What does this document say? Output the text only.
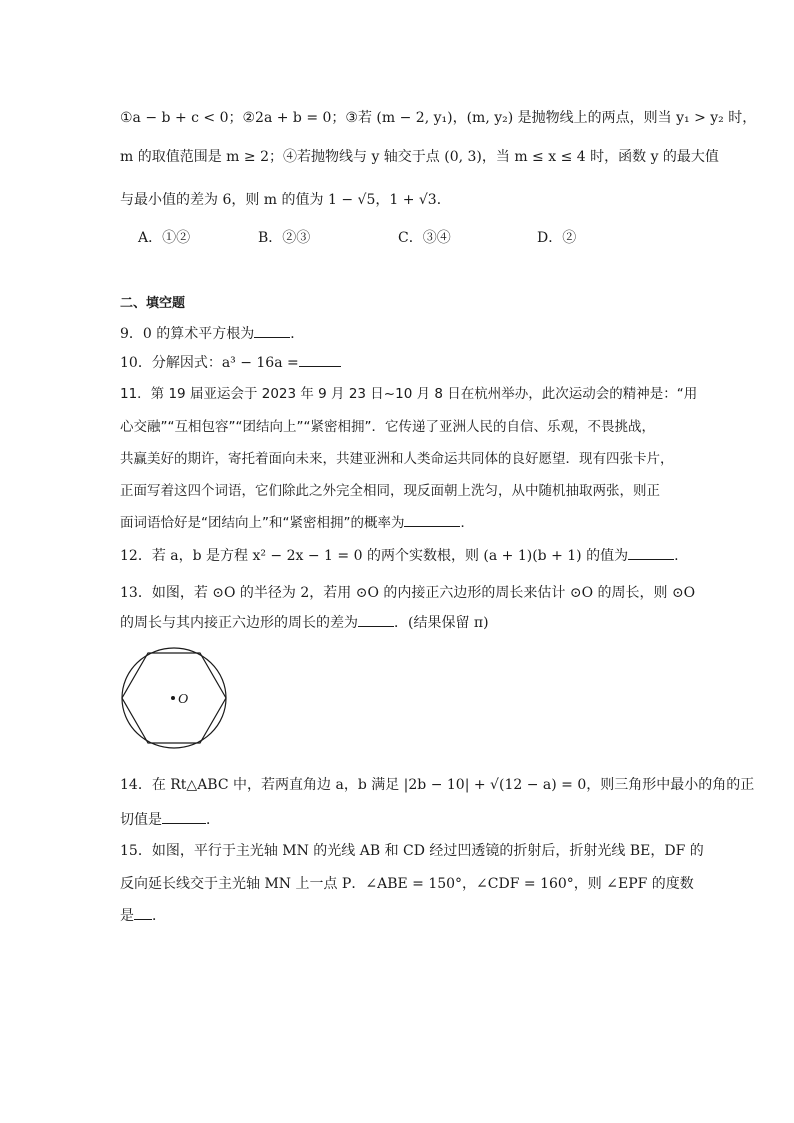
①a − b + c < 0；②2a + b = 0；③若 (m − 2, y₁)，(m, y₂) 是抛物线上的两点，则当 y₁ > y₂ 时，
m 的取值范围是 m ≥ 2；④若抛物线与 y 轴交于点 (0, 3)，当 m ≤ x ≤ 4 时，函数 y 的最大值
与最小值的差为 6，则 m 的值为 1 − √5，1 + √3．
A．①②	B．②③	C．③④	D．②
二、填空题
9．0 的算术平方根为	．
10．分解因式：a³ − 16a =
11．第 19 届亚运会于 2023 年 9 月 23 日~10 月 8 日在杭州举办，此次运动会的精神是：“用
心交融”“互相包容”“团结向上”“紧密相拥”．它传递了亚洲人民的自信、乐观，不畏挑战，
共赢美好的期许，寄托着面向未来，共建亚洲和人类命运共同体的良好愿望．现有四张卡片，
正面写着这四个词语，它们除此之外完全相同，现反面朝上洗匀，从中随机抽取两张，则正
面词语恰好是“团结向上”和“紧密相拥”的概率为	．
12．若 a，b 是方程 x² − 2x − 1 = 0 的两个实数根，则 (a + 1)(b + 1) 的值为	.
13．如图，若 ⊙O 的半径为 2，若用 ⊙O 的内接正六边形的周长来估计 ⊙O 的周长，则 ⊙O
的周长与其内接正六边形的周长的差为	．(结果保留 π)
O
14．在 Rt△ABC 中，若两直角边 a，b 满足 |2b − 10| + √(12 − a) = 0，则三角形中最小的角的正
切值是	．
15．如图，平行于主光轴 MN 的光线 AB 和 CD 经过凹透镜的折射后，折射光线 BE，DF 的
反向延长线交于主光轴 MN 上一点 P．∠ABE = 150°，∠CDF = 160°，则 ∠EPF 的度数
是 ．
